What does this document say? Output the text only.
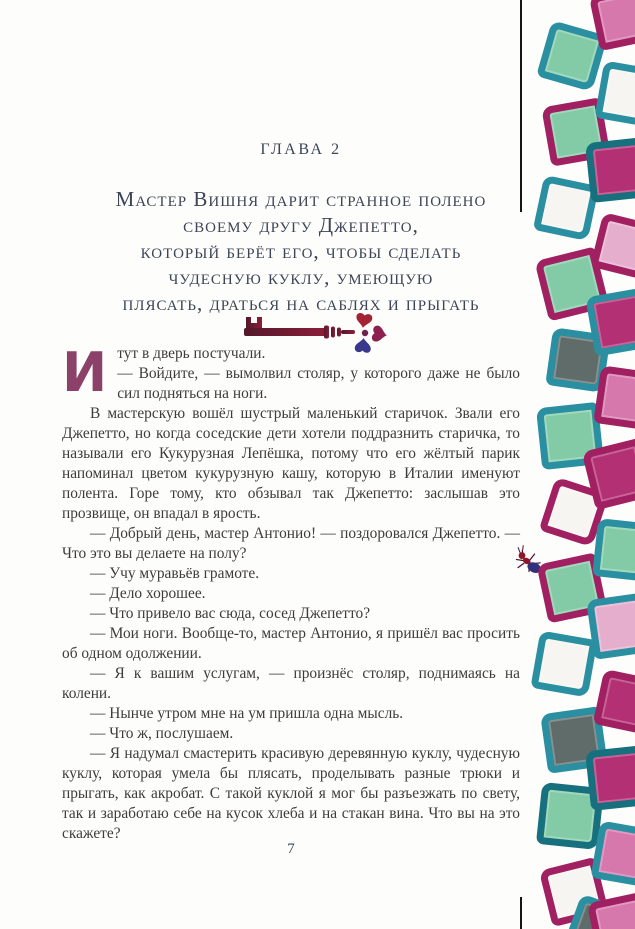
ГЛАВА 2
Мастер Вишня дарит странное полено
своему другу Джепетто,
который берёт его, чтобы сделать
чудесную куклу, умеющую
плясать, драться на саблях и прыгать
И тут в дверь постучали.

— Войдите, — вымолвил столяр, у которого даже не было сил подняться на ноги.

В мастерскую вошёл шустрый маленький старичок. Звали его Джепетто, но когда соседские дети хотели поддразнить старичка, то называли его Кукурузная Лепёшка, потому что его жёлтый парик напоминал цветом кукурузную кашу, которую в Италии именуют полента. Горе тому, кто обзывал так Джепетто: заслышав это прозвище, он впадал в ярость.

— Добрый день, мастер Антонио! — поздоровался Джепетто. — Что это вы делаете на полу?

— Учу муравьёв грамоте.

— Дело хорошее.

— Что привело вас сюда, сосед Джепетто?

— Мои ноги. Вообще-то, мастер Антонио, я пришёл вас просить об одном одолжении.

— Я к вашим услугам, — произнёс столяр, поднимаясь на колени.

— Нынче утром мне на ум пришла одна мысль.

— Что ж, послушаем.

— Я надумал смастерить красивую деревянную куклу, чудесную куклу, которая умела бы плясать, проделывать разные трюки и прыгать, как акробат. С такой куклой я мог бы разъезжать по свету, так и заработаю себе на кусок хлеба и на стакан вина. Что вы на это скажете?

7
